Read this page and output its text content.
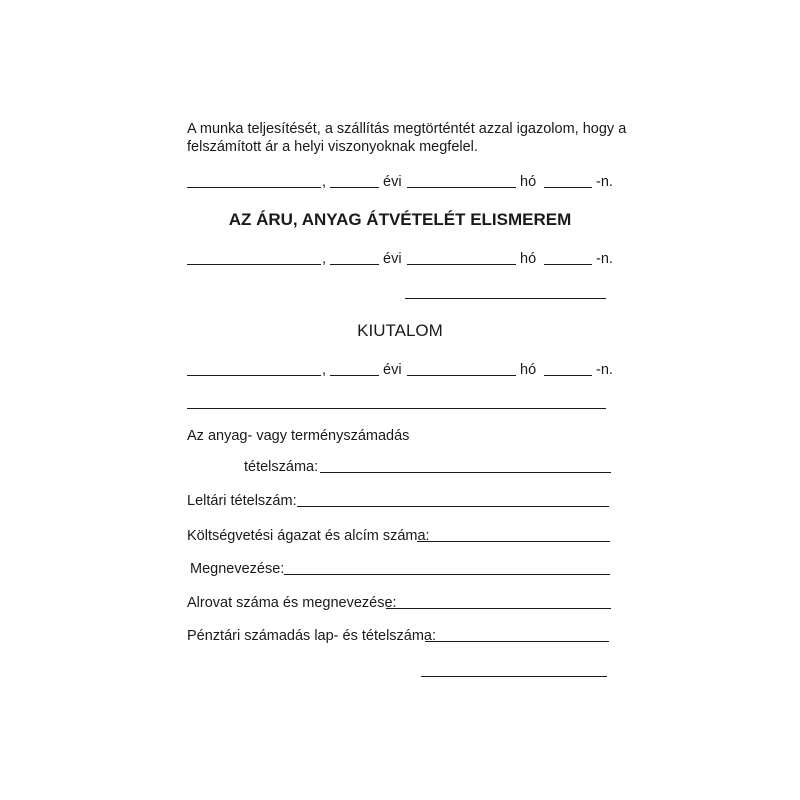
A munka teljesítését, a szállítás megtörténtét azzal igazolom, hogy a
felszámított ár a helyi viszonyoknak megfelel.
,	évi	hó	-n.
AZ ÁRU, ANYAG ÁTVÉTELÉT ELISMEREM
,	évi	hó	-n.
KIUTALOM
,	évi	hó	-n.
Az anyag- vagy terményszámadás
tételszáma:
Leltári tételszám:
Költségvetési ágazat és alcím száma:
Megnevezése:
Alrovat száma és megnevezése:
Pénztári számadás lap- és tételszáma:
